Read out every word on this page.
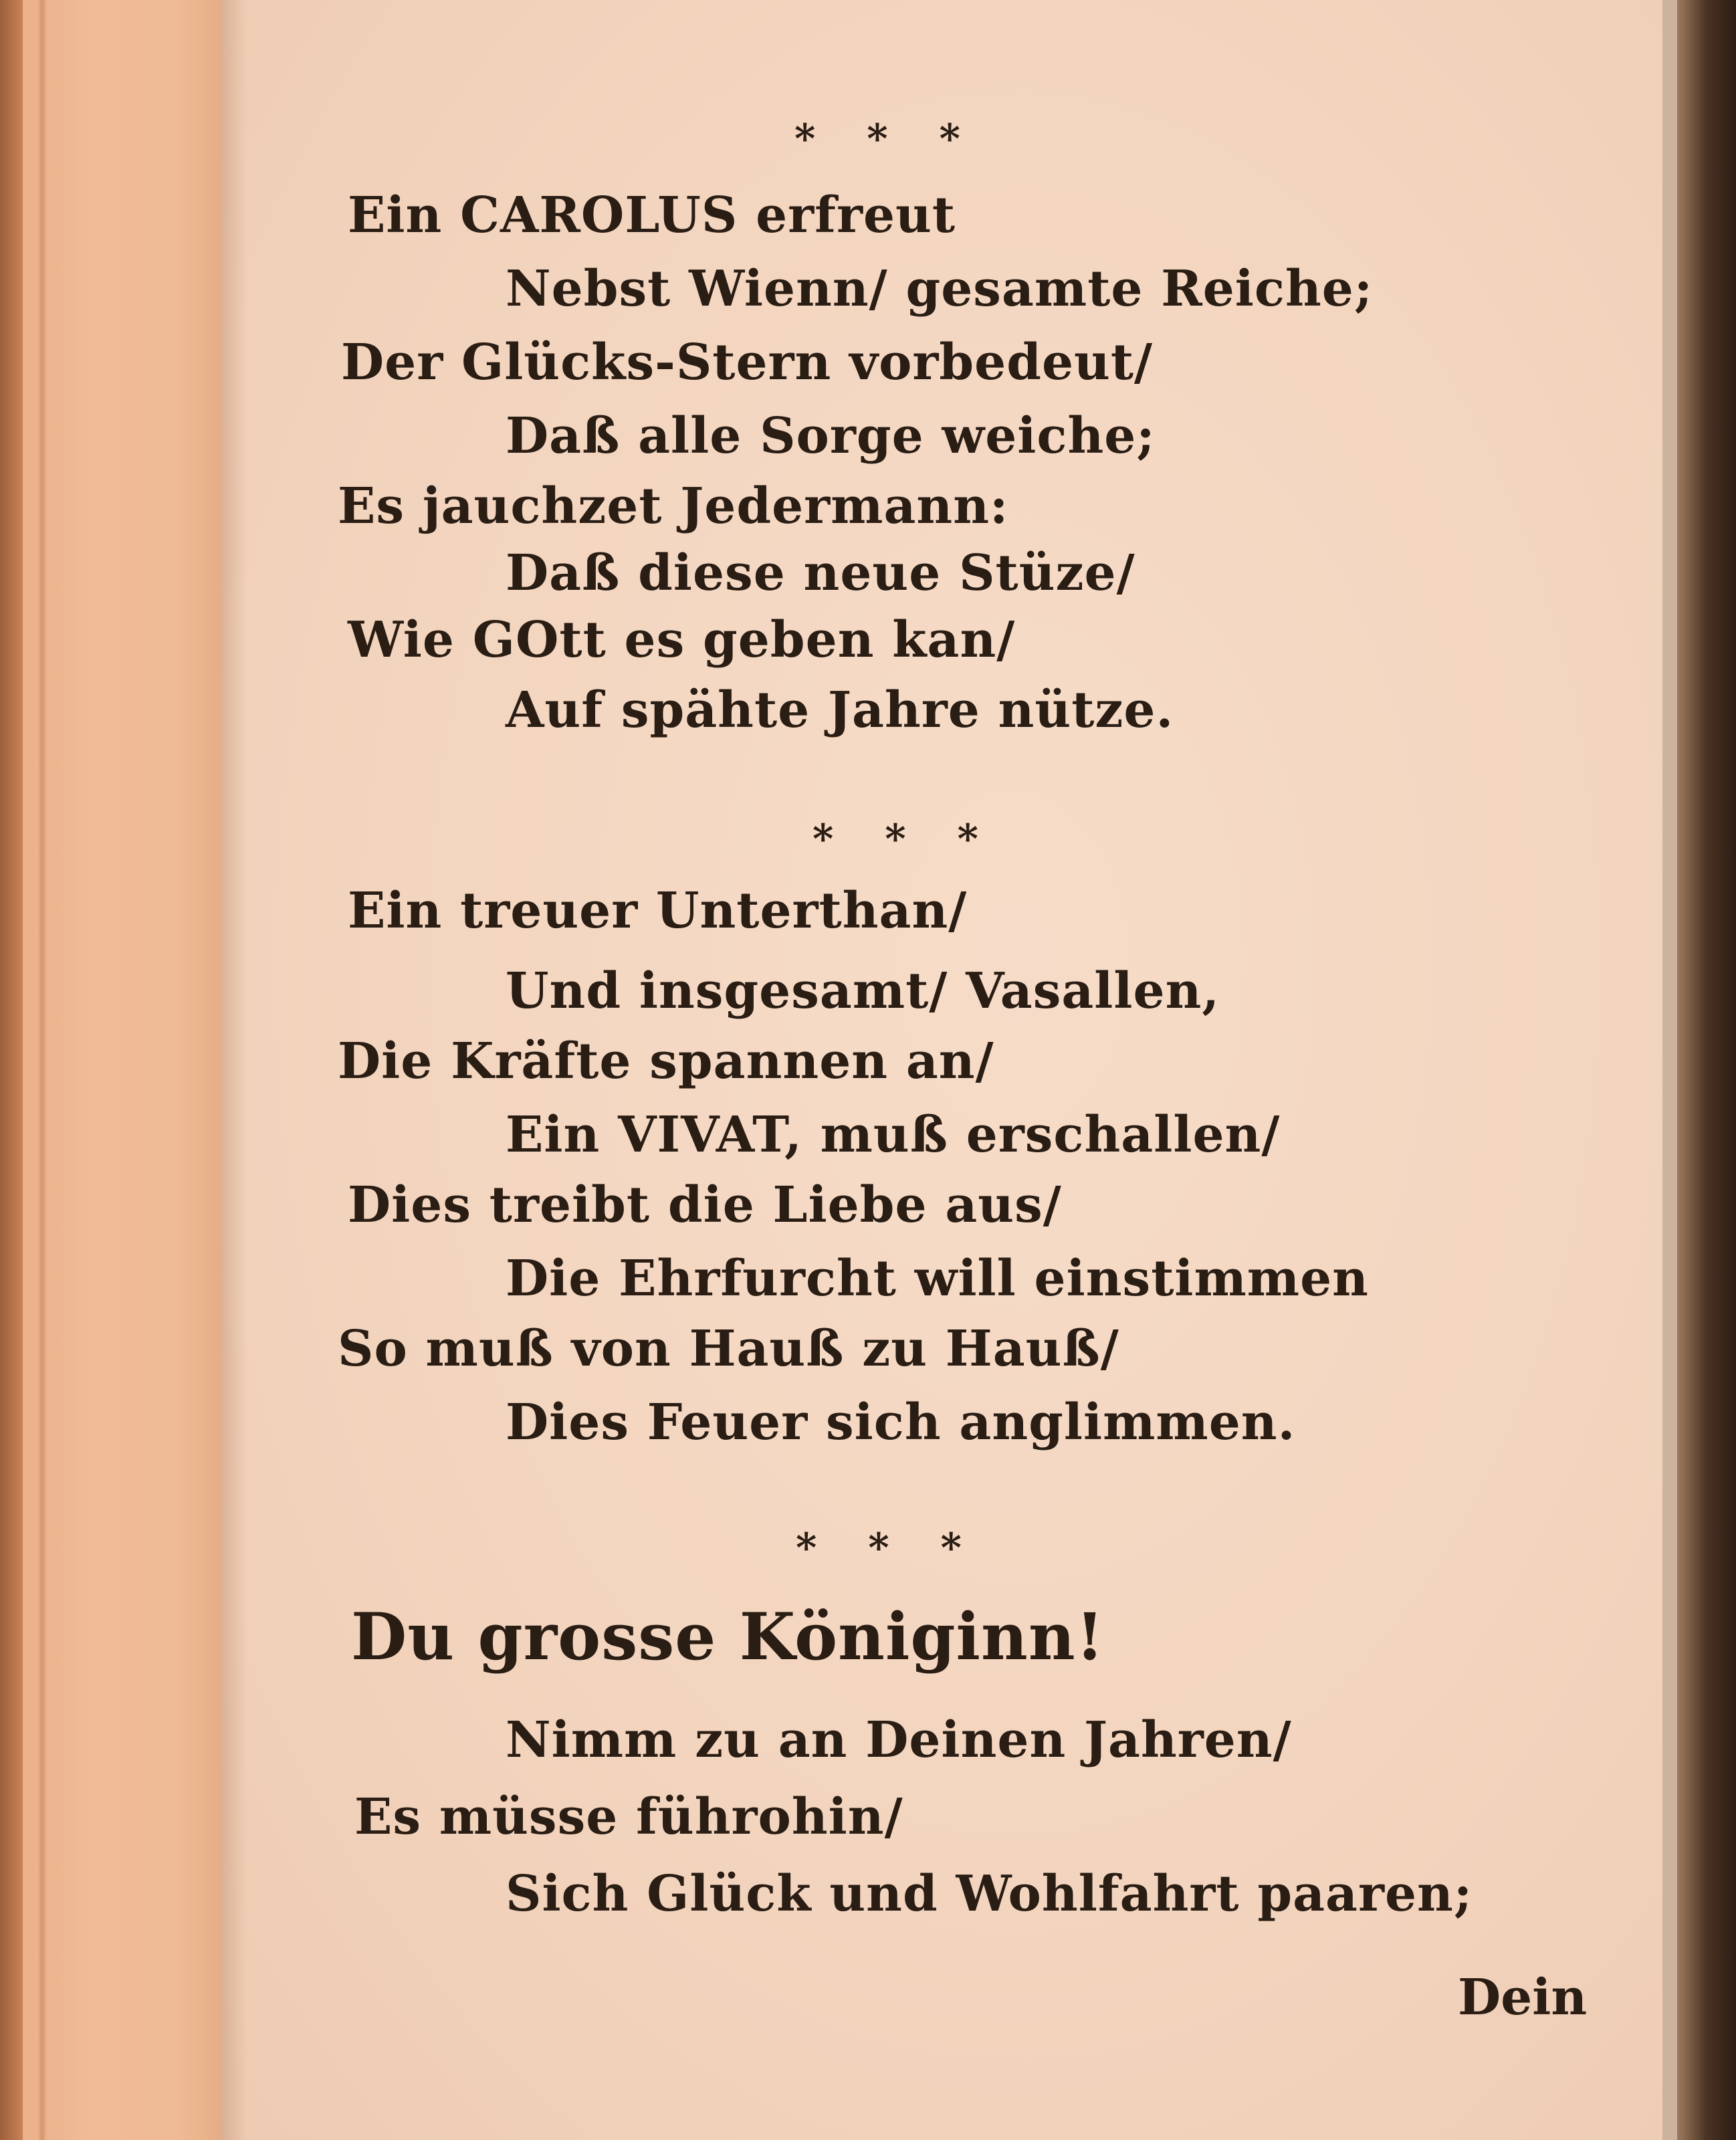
* * *
Ein CAROLUS erfreut
Nebst Wienn/ gesamte Reiche;
Der Glücks-Stern vorbedeut/
Daß alle Sorge weiche;
Es jauchzet Jedermann:
Daß diese neue Stüze/
Wie GOtt es geben kan/
Auf spähte Jahre nütze.
* * *
Ein treuer Unterthan/
Und insgesamt/ Vasallen,
Die Kräfte spannen an/
Ein VIVAT, muß erschallen/
Dies treibt die Liebe aus/
Die Ehrfurcht will einstimmen
So muß von Hauß zu Hauß/
Dies Feuer sich anglimmen.
* * *
Du grosse Königinn!
Nimm zu an Deinen Jahren/
Es müsse führohin/
Sich Glück und Wohlfahrt paaren;
Dein
